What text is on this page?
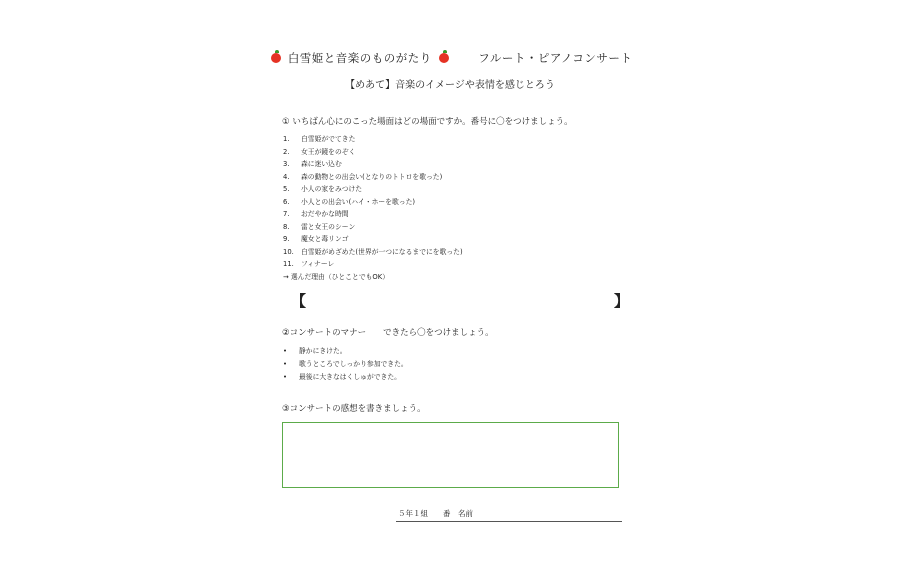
白雪姫と音楽のものがたり	フルート・ピアノコンサート
【めあて】音楽のイメージや表情を感じとろう
① いちばん心にのこった場面はどの場面ですか。番号に〇をつけましょう。
1. 白雪姫がでてきた
2. 女王が鏡をのぞく
3. 森に迷い込む
4. 森の動物との出会い(となりのトトロを歌った)
5. 小人の家をみつけた
6. 小人との出会い(ハイ・ホーを歌った)
7. おだやかな時間
8. 雷と女王のシーン
9. 魔女と毒リンゴ
10. 白雪姫がめざめた(世界が一つになるまでにを歌った)
11. フィナーレ
→ 選んだ理由（ひとことでもOK）
【	】
②コンサートのマナー　　できたら〇をつけましょう。
• 静かにきけた。
• 歌うところでしっかり参加できた。
• 最後に大きなはくしゅができた。
③コンサートの感想を書きましょう。
５年１組　　番　名前
